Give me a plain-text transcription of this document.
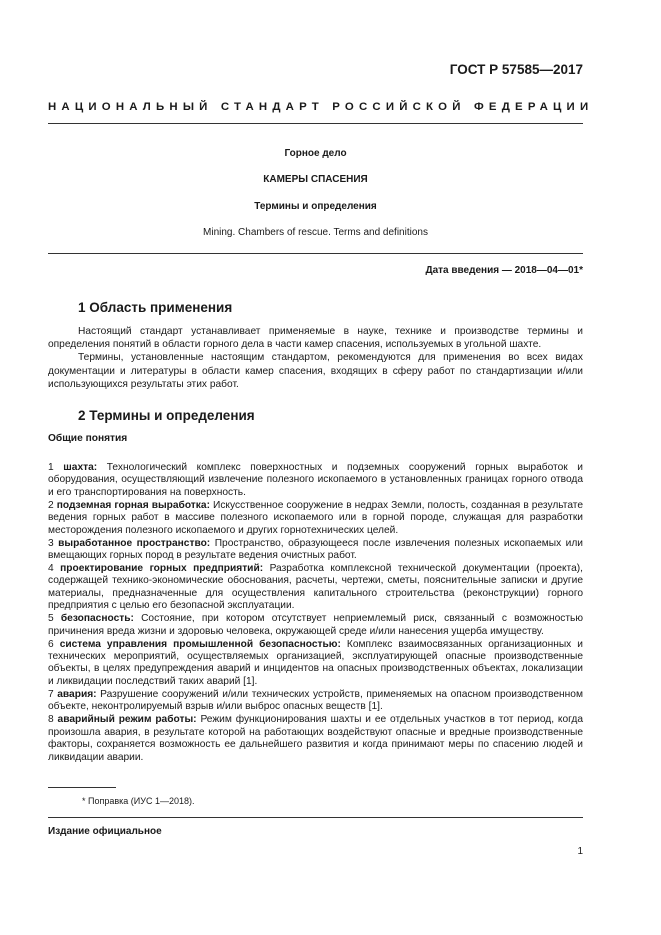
ГОСТ Р 57585—2017
НАЦИОНАЛЬНЫЙ СТАНДАРТ РОССИЙСКОЙ ФЕДЕРАЦИИ
Горное дело
КАМЕРЫ СПАСЕНИЯ
Термины и определения
Mining. Chambers of rescue. Terms and definitions
Дата введения — 2018—04—01*
1 Область применения

Настоящий стандарт устанавливает применяемые в науке, технике и производстве термины и определения понятий в области горного дела в части камер спасения, используемых в угольной шахте.

Термины, установленные настоящим стандартом, рекомендуются для применения во всех видах документации и литературы в области камер спасения, входящих в сферу работ по стандартизации и/или использующихся результаты этих работ.

2 Термины и определения
Общие понятия
1 шахта: Технологический комплекс поверхностных и подземных сооружений горных выработок и оборудования, осуществляющий извлечение полезного ископаемого в установленных границах горного отвода и его транспортирования на поверхность.
2 подземная горная выработка: Искусственное сооружение в недрах Земли, полость, созданная в результате ведения горных работ в массиве полезного ископаемого или в горной породе, служащая для разработки месторождения полезного ископаемого и других горнотехнических целей.
3 выработанное пространство: Пространство, образующееся после извлечения полезных ископаемых или вмещающих горных пород в результате ведения очистных работ.
4 проектирование горных предприятий: Разработка комплексной технической документации (проекта), содержащей технико-экономические обоснования, расчеты, чертежи, сметы, пояснительные записки и другие материалы, предназначенные для осуществления капитального строительства (реконструкции) горного предприятия с целью его безопасной эксплуатации.
5 безопасность: Состояние, при котором отсутствует неприемлемый риск, связанный с возможностью причинения вреда жизни и здоровью человека, окружающей среде и/или нанесения ущерба имуществу.
6 система управления промышленной безопасностью: Комплекс взаимосвязанных организационных и технических мероприятий, осуществляемых организацией, эксплуатирующей опасные производственные объекты, в целях предупреждения аварий и инцидентов на опасных производственных объектах, локализации и ликвидации последствий таких аварий [1].
7 авария: Разрушение сооружений и/или технических устройств, применяемых на опасном производственном объекте, неконтролируемый взрыв и/или выброс опасных веществ [1].
8 аварийный режим работы: Режим функционирования шахты и ее отдельных участков в тот период, когда произошла авария, в результате которой на работающих воздействуют опасные и вредные производственные факторы, сохраняется возможность ее дальнейшего развития и когда принимают меры по спасению людей и ликвидации аварии.
* Поправка (ИУС 1—2018).
Издание официальное
1
